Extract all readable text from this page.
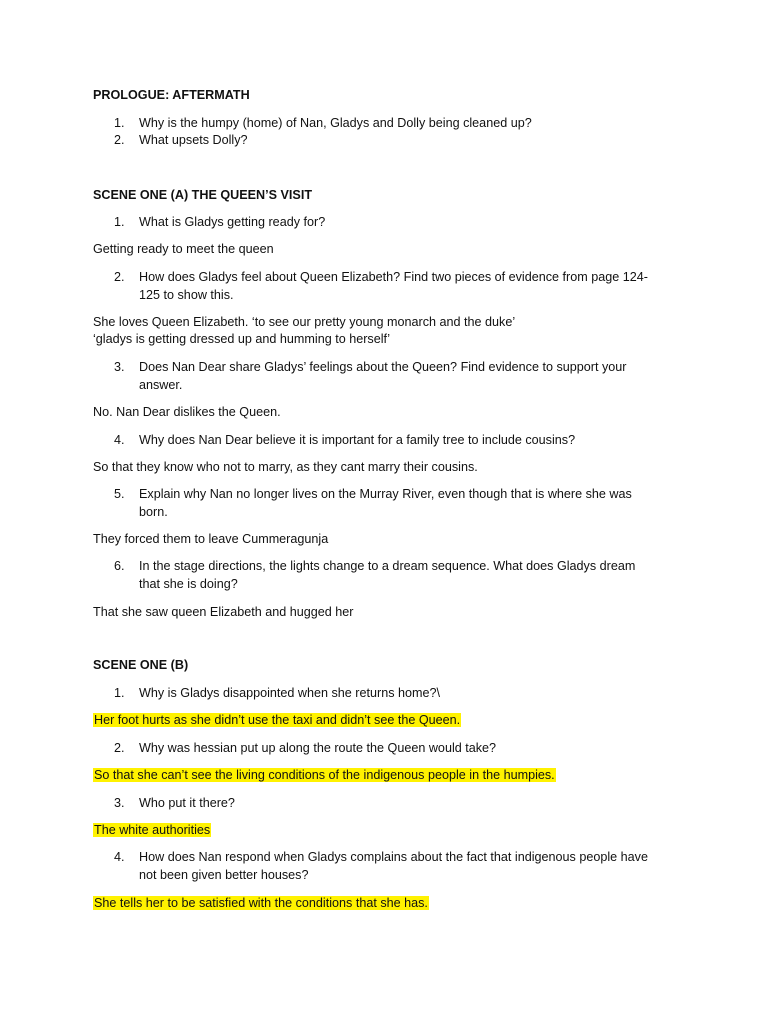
PROLOGUE: AFTERMATH

1. Why is the humpy (home) of Nan, Gladys and Dolly being cleaned up?
2. What upsets Dolly?

SCENE ONE (A) THE QUEEN’S VISIT

1. What is Gladys getting ready for?

Getting ready to meet the queen

2. How does Gladys feel about Queen Elizabeth? Find two pieces of evidence from page 124-
125 to show this.

She loves Queen Elizabeth. ‘to see our pretty young monarch and the duke’

‘gladys is getting dressed up and humming to herself’

3. Does Nan Dear share Gladys’ feelings about the Queen? Find evidence to support your
answer.

No. Nan Dear dislikes the Queen.

4. Why does Nan Dear believe it is important for a family tree to include cousins?

So that they know who not to marry, as they cant marry their cousins.

5. Explain why Nan no longer lives on the Murray River, even though that is where she was
born.

They forced them to leave Cummeragunja

6. In the stage directions, the lights change to a dream sequence. What does Gladys dream
that she is doing?

That she saw queen Elizabeth and hugged her

SCENE ONE (B)

1. Why is Gladys disappointed when she returns home?\

Her foot hurts as she didn’t use the taxi and didn’t see the Queen.

2. Why was hessian put up along the route the Queen would take?

So that she can’t see the living conditions of the indigenous people in the humpies.

3. Who put it there?

The white authorities

4. How does Nan respond when Gladys complains about the fact that indigenous people have
not been given better houses?

She tells her to be satisfied with the conditions that she has.
